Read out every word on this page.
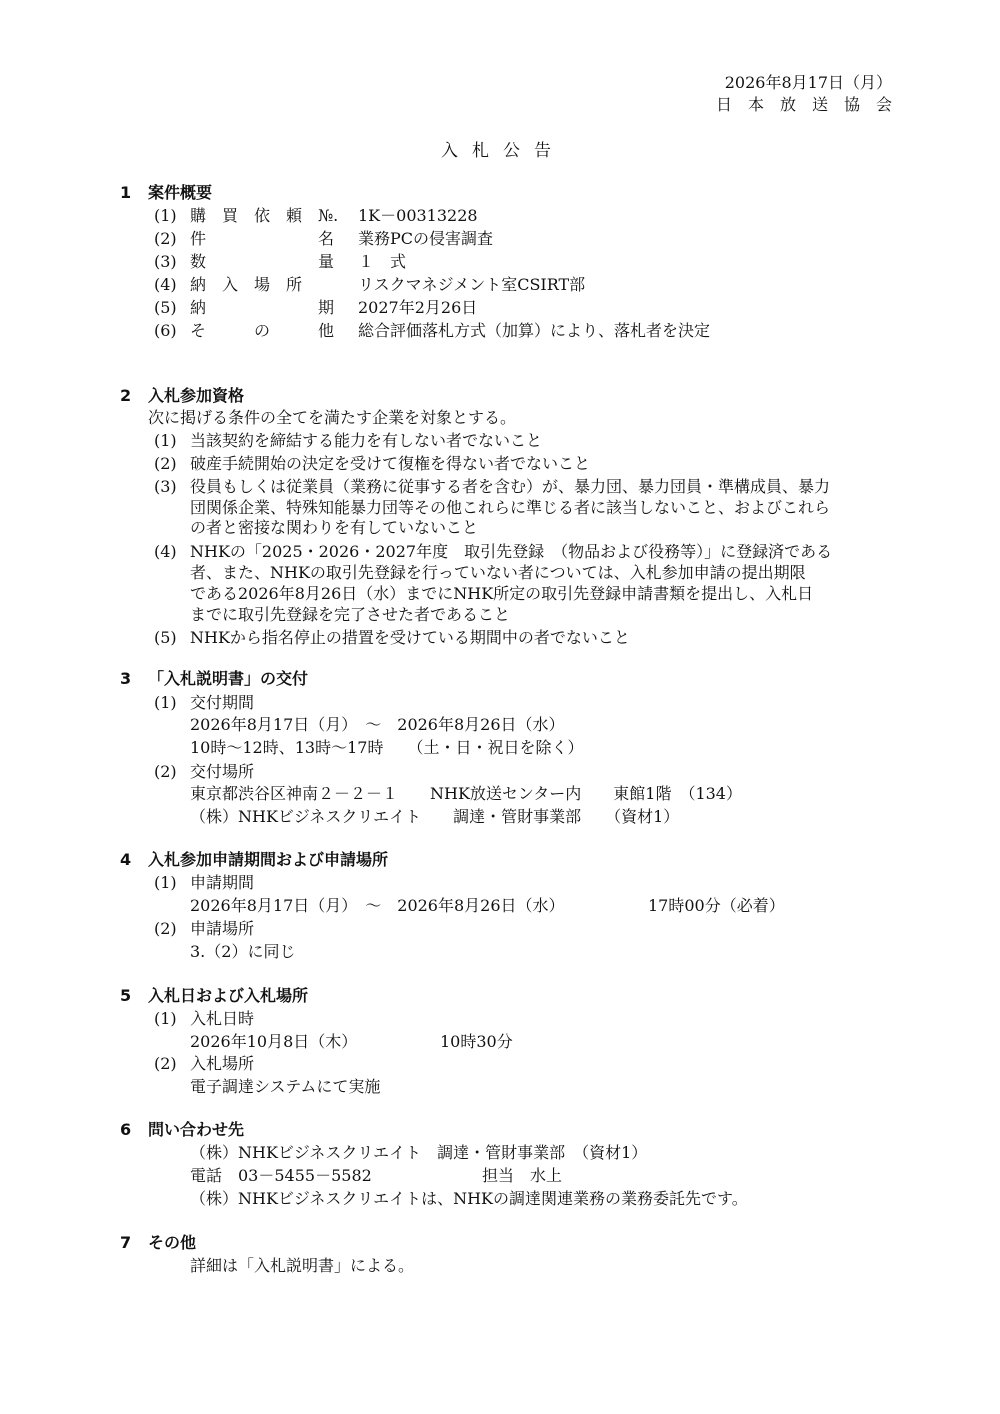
2026年8月17日（月）
日　本　放　送　協　会
入札公告
1 案件概要
(1) 購　買　依　頼　№. 1K－00313228
(2) 件　　　　　　　名 業務PCの侵害調査
(3) 数　　　　　　　量 １　式
(4) 納　入　場　所	リスクマネジメント室CSIRT部
(5) 納　　　　　　　期 2027年2月26日
(6) そ　　　の　　　他 総合評価落札方式（加算）により、落札者を決定
2 入札参加資格
次に掲げる条件の全てを満たす企業を対象とする。
(1) 当該契約を締結する能力を有しない者でないこと
(2) 破産手続開始の決定を受けて復権を得ない者でないこと
(3) 役員もしくは従業員（業務に従事する者を含む）が、暴力団、暴力団員・準構成員、暴力
団関係企業、特殊知能暴力団等その他これらに準じる者に該当しないこと、およびこれら
の者と密接な関わりを有していないこと
(4) NHKの「2025・2026・2027年度　取引先登録　（物品および役務等）」に登録済である
者、また、NHKの取引先登録を行っていない者については、入札参加申請の提出期限
である2026年8月26日（水）までにNHK所定の取引先登録申請書類を提出し、入札日
までに取引先登録を完了させた者であること
(5) NHKから指名停止の措置を受けている期間中の者でないこと
3 「入札説明書」の交付
(1) 交付期間
2026年8月17日（月）　～　2026年8月26日（水）
10時～12時、13時～17時　　（土・日・祝日を除く）
(2) 交付場所
東京都渋谷区神南２－２－１　　NHK放送センター内　　東館1階　（134）
（株）NHKビジネスクリエイト　　調達・管財事業部　　（資材1）
4 入札参加申請期間および申請場所
(1) 申請期間
2026年8月17日（月）　～　2026年8月26日（水）	17時00分（必着）
(2) 申請場所
3.（2）に同じ
5 入札日および入札場所
(1) 入札日時
2026年10月8日（木）	10時30分
(2) 入札場所
電子調達システムにて実施
6 問い合わせ先
（株）NHKビジネスクリエイト　調達・管財事業部　（資材1）
電話　03－5455－5582	担当　水上
（株）NHKビジネスクリエイトは、NHKの調達関連業務の業務委託先です。
7 その他
詳細は「入札説明書」による。
